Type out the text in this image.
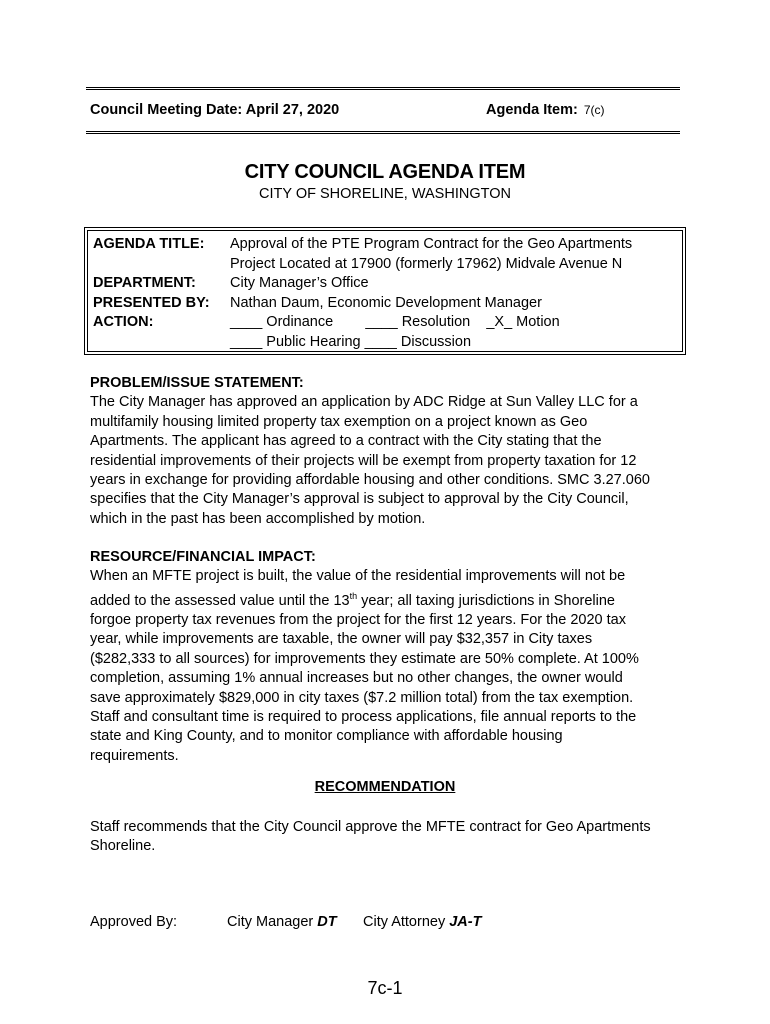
Council Meeting Date: April 27, 2020	Agenda Item: 7(c)
CITY COUNCIL AGENDA ITEM
CITY OF SHORELINE, WASHINGTON
AGENDA TITLE: Approval of the PTE Program Contract for the Geo Apartments
Project Located at 17900 (formerly 17962) Midvale Avenue N
DEPARTMENT: City Manager’s Office
PRESENTED BY: Nathan Daum, Economic Development Manager
ACTION:	____ Ordinance        ____ Resolution    _X_ Motion
____ Public Hearing ____ Discussion
PROBLEM/ISSUE STATEMENT:
The City Manager has approved an application by ADC Ridge at Sun Valley LLC for a
multifamily housing limited property tax exemption on a project known as Geo
Apartments. The applicant has agreed to a contract with the City stating that the
residential improvements of their projects will be exempt from property taxation for 12
years in exchange for providing affordable housing and other conditions. SMC 3.27.060
specifies that the City Manager’s approval is subject to approval by the City Council,
which in the past has been accomplished by motion.
RESOURCE/FINANCIAL IMPACT:
When an MFTE project is built, the value of the residential improvements will not be
added to the assessed value until the 13th year; all taxing jurisdictions in Shoreline
forgoe property tax revenues from the project for the first 12 years. For the 2020 tax
year, while improvements are taxable, the owner will pay $32,357 in City taxes
($282,333 to all sources) for improvements they estimate are 50% complete. At 100%
completion, assuming 1% annual increases but no other changes, the owner would
save approximately $829,000 in city taxes ($7.2 million total) from the tax exemption.
Staff and consultant time is required to process applications, file annual reports to the
state and King County, and to monitor compliance with affordable housing
requirements.
RECOMMENDATION
Staff recommends that the City Council approve the MFTE contract for Geo Apartments
Shoreline.
Approved By:	City Manager DT City Attorney JA-T
7c-1
